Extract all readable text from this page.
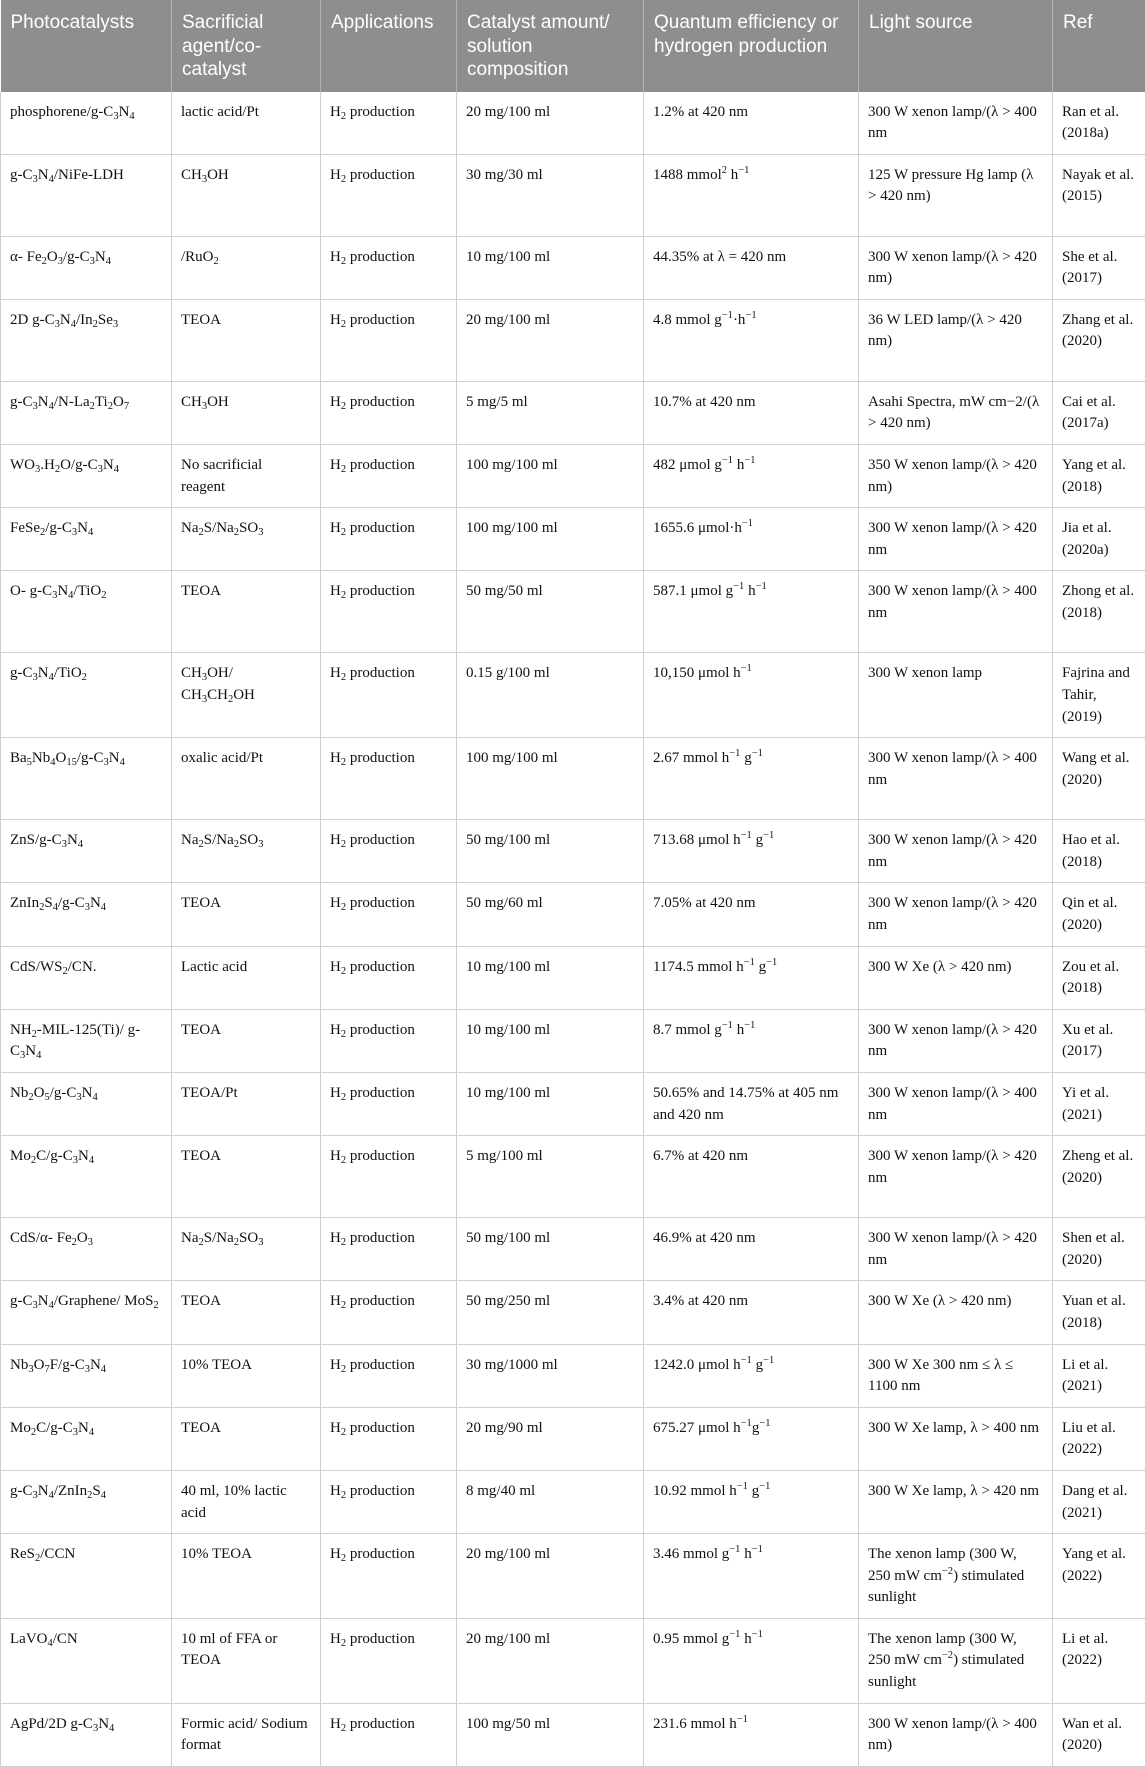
Photocatalysts	Sacrificial agent/co-catalyst	Applications	Catalyst amount/ solution composition	Quantum efficiency or hydrogen production	Light source	Ref
phosphorene/$g-C_3N_4$	lactic acid/Pt	$H_2$ production	20 mg/100 ml	1.2% at 420 nm	300 W xenon lamp/(λ > 400 nm	Ran et al. (2018a)
$g-C_3N_4/NiFe$-LDH	$CH_3OH$	$H_2$ production	30 mg/30 ml	1488 mmol$^2$ $h^{-1}$	125 W pressure Hg lamp (λ > 420 nm)	Nayak et al. (2015)
α- $Fe_2O_3/g-C_3N_4$	/RuO$_2$	$H_2$ production	10 mg/100 ml	44.35% at λ = 420 nm	300 W xenon lamp/(λ > 420 nm)	She et al. (2017)
2D $g-C_3N_4/In_2Se_3$	TEOA	$H_2$ production	20 mg/100 ml	4.8 mmol $g^{-1}\cdot h^{-1}$	36 W LED lamp/(λ > 420 nm)	Zhang et al. (2020)
$g-C_3N_4/N-La_2Ti_2O_7$	$CH_3OH$	$H_2$ production	5 mg/5 ml	10.7% at 420 nm	Asahi Spectra, mW cm−2/(λ > 420 nm)	Cai et al. (2017a)
$WO_3.H_2O/g-C_3N_4$	No sacrificial reagent	$H_2$ production	100 mg/100 ml	482 μmol $g^{-1}$ $h^{-1}$	350 W xenon lamp/(λ > 420 nm)	Yang et al. (2018)
$FeSe_2/g-C_3N_4$	$Na_2S/Na_2SO_3$	$H_2$ production	100 mg/100 ml	1655.6 $\mu mol\cdot h^{-1}$	300 W xenon lamp/(λ > 420 nm	Jia et al. (2020a)
O- $g-C_3N_4/TiO_2$	TEOA	$H_2$ production	50 mg/50 ml	587.1 μmol $g^{-1}$ $h^{-1}$	300 W xenon lamp/(λ > 400 nm	Zhong et al. (2018)
$g-C_3N_4/TiO_2$	$CH_3OH/$ $CH_3CH_2OH$	$H_2$ production	0.15 g/100 ml	10,150 μmol $h^{-1}$	300 W xenon lamp	Fajrina and Tahir, (2019)
$Ba_5Nb_4O_{15}/g-C_3N_4$	oxalic acid/Pt	$H_2$ production	100 mg/100 ml	2.67 mmol $h^{-1}$ $g^{-1}$	300 W xenon lamp/(λ > 400 nm	Wang et al. (2020)
ZnS/$g-C_3N_4$	$Na_2S/Na_2SO_3$	$H_2$ production	50 mg/100 ml	713.68 μmol $h^{-1}$ $g^{-1}$	300 W xenon lamp/(λ > 420 nm	Hao et al. (2018)
$ZnIn_2S_4/g-C_3N_4$	TEOA	$H_2$ production	50 mg/60 ml	7.05% at 420 nm	300 W xenon lamp/(λ > 420 nm	Qin et al. (2020)
CdS/$WS_2/CN$.	Lactic acid	$H_2$ production	10 mg/100 ml	1174.5 mmol $h^{-1}$ $g^{-1}$	300 W Xe (λ > 420 nm)	Zou et al. (2018)
$NH_2-MIL-125(Ti)/$ $g-C_3N_4$	TEOA	$H_2$ production	10 mg/100 ml	8.7 mmol $g^{-1}$ $h^{-1}$	300 W xenon lamp/(λ > 420 nm	Xu et al. (2017)
$Nb_2O_5/g-C_3N_4$	TEOA/Pt	$H_2$ production	10 mg/100 ml	50.65% and 14.75% at 405 nm and 420 nm	300 W xenon lamp/(λ > 400 nm	Yi et al. (2021)
$Mo_2C/g-C_3N_4$	TEOA	$H_2$ production	5 mg/100 ml	6.7% at 420 nm	300 W xenon lamp/(λ > 420 nm	Zheng et al. (2020)
CdS/α- $Fe_2O_3$	$Na_2S/Na_2SO_3$	$H_2$ production	50 mg/100 ml	46.9% at 420 nm	300 W xenon lamp/(λ > 420 nm	Shen et al. (2020)
$g-C_3N_4/Graphene/$ MoS$_2$	TEOA	$H_2$ production	50 mg/250 ml	3.4% at 420 nm	300 W Xe (λ > 420 nm)	Yuan et al. (2018)
$Nb_3O_7F/g-C_3N_4$	10% TEOA	$H_2$ production	30 mg/1000 ml	1242.0 μmol $h^{-1}$ $g^{-1}$	300 W Xe 300 nm ≤ λ ≤ 1100 nm	Li et al. (2021)
$Mo_2C/g-C_3N_4$	TEOA	$H_2$ production	20 mg/90 ml	675.27 μmol $h^{-1}g^{-1}$	300 W Xe lamp, λ > 400 nm	Liu et al. (2022)
$g-C_3N_4/ZnIn_2S_4$	40 ml, 10% lactic acid	$H_2$ production	8 mg/40 ml	10.92 mmol $h^{-1}$ $g^{-1}$	300 W Xe lamp, λ > 420 nm	Dang et al. (2021)
ReS$_2$/CCN	10% TEOA	$H_2$ production	20 mg/100 ml	3.46 mmol $g^{-1}$ $h^{-1}$	The xenon lamp (300 W, 250 mW $cm^{-2}$) stimulated sunlight	Yang et al. (2022)
LaVO$_4$/CN	10 ml of FFA or TEOA	$H_2$ production	20 mg/100 ml	0.95 mmol $g^{-1}$ $h^{-1}$	The xenon lamp (300 W, 250 mW $cm^{-2}$) stimulated sunlight	Li et al. (2022)
AgPd/2D $g-C_3N_4$	Formic acid/ Sodium format	$H_2$ production	100 mg/50 ml	231.6 mmol $h^{-1}$	300 W xenon lamp/(λ > 400 nm)	Wan et al. (2020)
